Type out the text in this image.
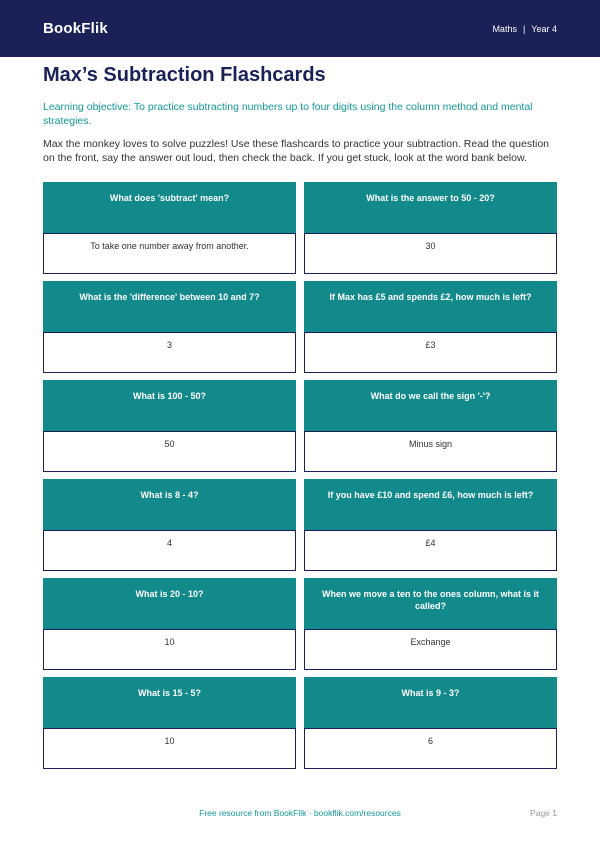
BookFlik	Maths | Year 4
Max’s Subtraction Flashcards

Learning objective: To practice subtracting numbers up to four digits using the column method and mental strategies.

Max the monkey loves to solve puzzles! Use these flashcards to practice your subtraction. Read the question on the front, say the answer out loud, then check the back. If you get stuck, look at the word bank below.

What does 'subtract' mean?
To take one number away from another.
What is the answer to 50 - 20?
30
What is the 'difference' between 10 and 7?
3
If Max has £5 and spends £2, how much is left?
£3
What is 100 - 50?
50
What do we call the sign '-'?
Minus sign
What is 8 - 4?
4
If you have £10 and spend £6, how much is left?
£4
What is 20 - 10?
10
When we move a ten to the ones column, what is it called?
Exchange
What is 15 - 5?
10
What is 9 - 3?
6
Free resource from BookFlik · bookflik.com/resources	Page 1
